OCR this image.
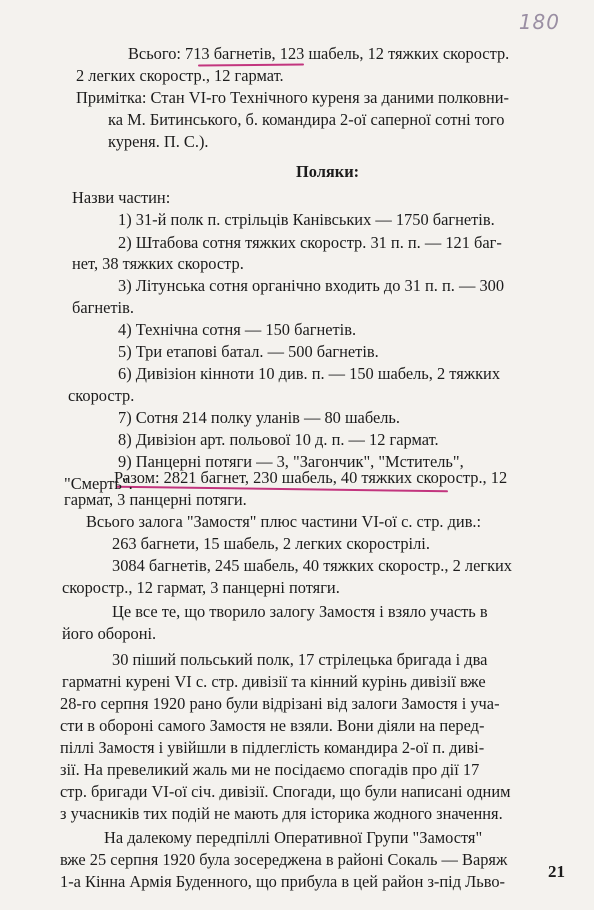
180
Всього: 713 багнетів, 123 шабель, 12 тяжких скоростр.
2 легких скоростр., 12 гармат.
Примітка: Стан VI-го Технічного куреня за даними полковни-
ка М. Битинського, б. командира 2-ої саперної сотні того
куреня. П. С.).
Поляки:
Назви частин:
1) 31-й полк п. стрільців Канівських — 1750 багнетів.
2) Штабова сотня тяжких скоростр. 31 п. п. — 121 баг-
нет, 38 тяжких скоростр.
3) Літунська сотня органічно входить до 31 п. п. — 300
багнетів.
4) Технічна сотня — 150 багнетів.
5) Три етапові батал. — 500 багнетів.
6) Дивізіон кінноти 10 див. п. — 150 шабель, 2 тяжких
скоростр.
7) Сотня 214 полку уланів — 80 шабель.
8) Дивізіон арт. польової 10 д. п. — 12 гармат.
9) Панцерні потяги — 3, "Загончик", "Мститель",
"Смерть".
Разом: 2821 багнет, 230 шабель, 40 тяжких скоростр., 12
гармат, 3 панцерні потяги.
Всього залога "Замостя" плюс частини VI-ої с. стр. див.:
263 багнети, 15 шабель, 2 легких скорострілі.
3084 багнетів, 245 шабель, 40 тяжких скоростр., 2 легких
скоростр., 12 гармат, 3 панцерні потяги.
Це все те, що творило залогу Замостя і взяло участь в
його обороні.
30 піший польський полк, 17 стрілецька бригада і два
гарматні курені VI с. стр. дивізії та кінний курінь дивізії вже
28-го серпня 1920 рано були відрізані від залоги Замостя і уча-
сти в обороні самого Замостя не взяли. Вони діяли на перед-
піллі Замостя і увійшли в підлеглість командира 2-ої п. диві-
зії. На превеликий жаль ми не посідаємо спогадів про дії 17
стр. бригади VI-ої січ. дивізії. Спогади, що були написані одним
з учасників тих подій не мають для історика жодного значення.
На далекому передпіллі Оперативної Групи "Замостя"
вже 25 серпня 1920 була зосереджена в районі Сокаль — Варяж
1-а Кінна Армія Буденного, що прибула в цей район з-під Льво-
21
